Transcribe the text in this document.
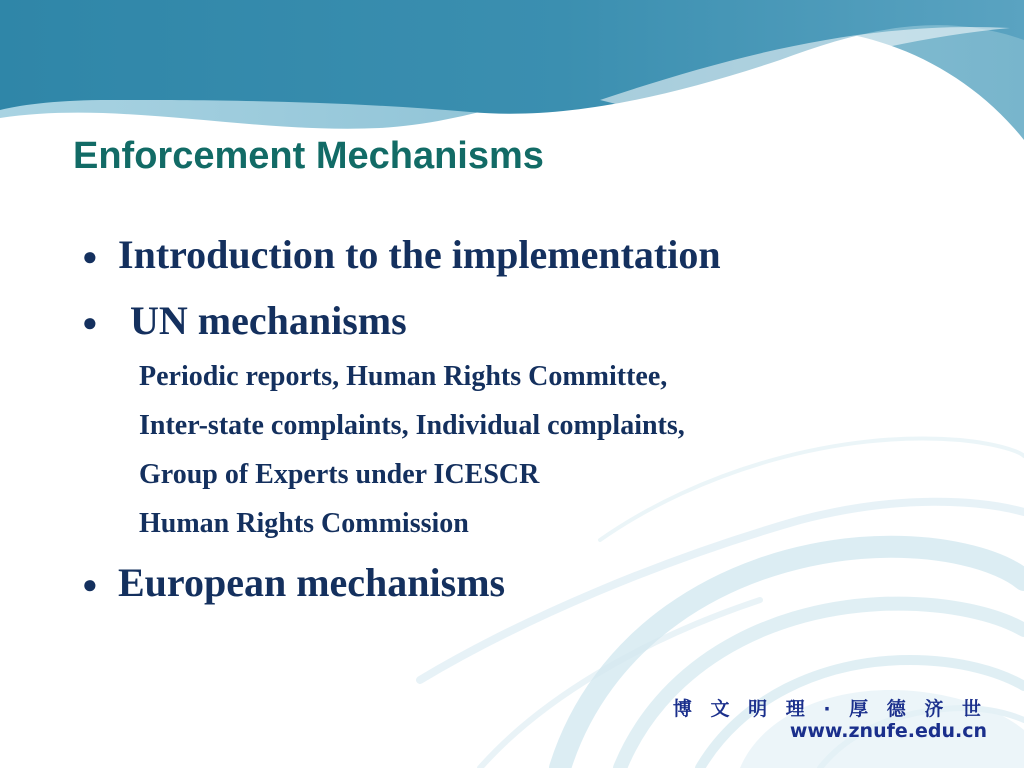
Enforcement Mechanisms
● Introduction to the implementation
● UN mechanisms
Periodic reports, Human Rights Committee,
Inter-state complaints, Individual complaints,
Group of Experts under ICESCR
Human Rights Commission
● European mechanisms
博 文 明 理 · 厚 德 济 世
www.znufe.edu.cn
